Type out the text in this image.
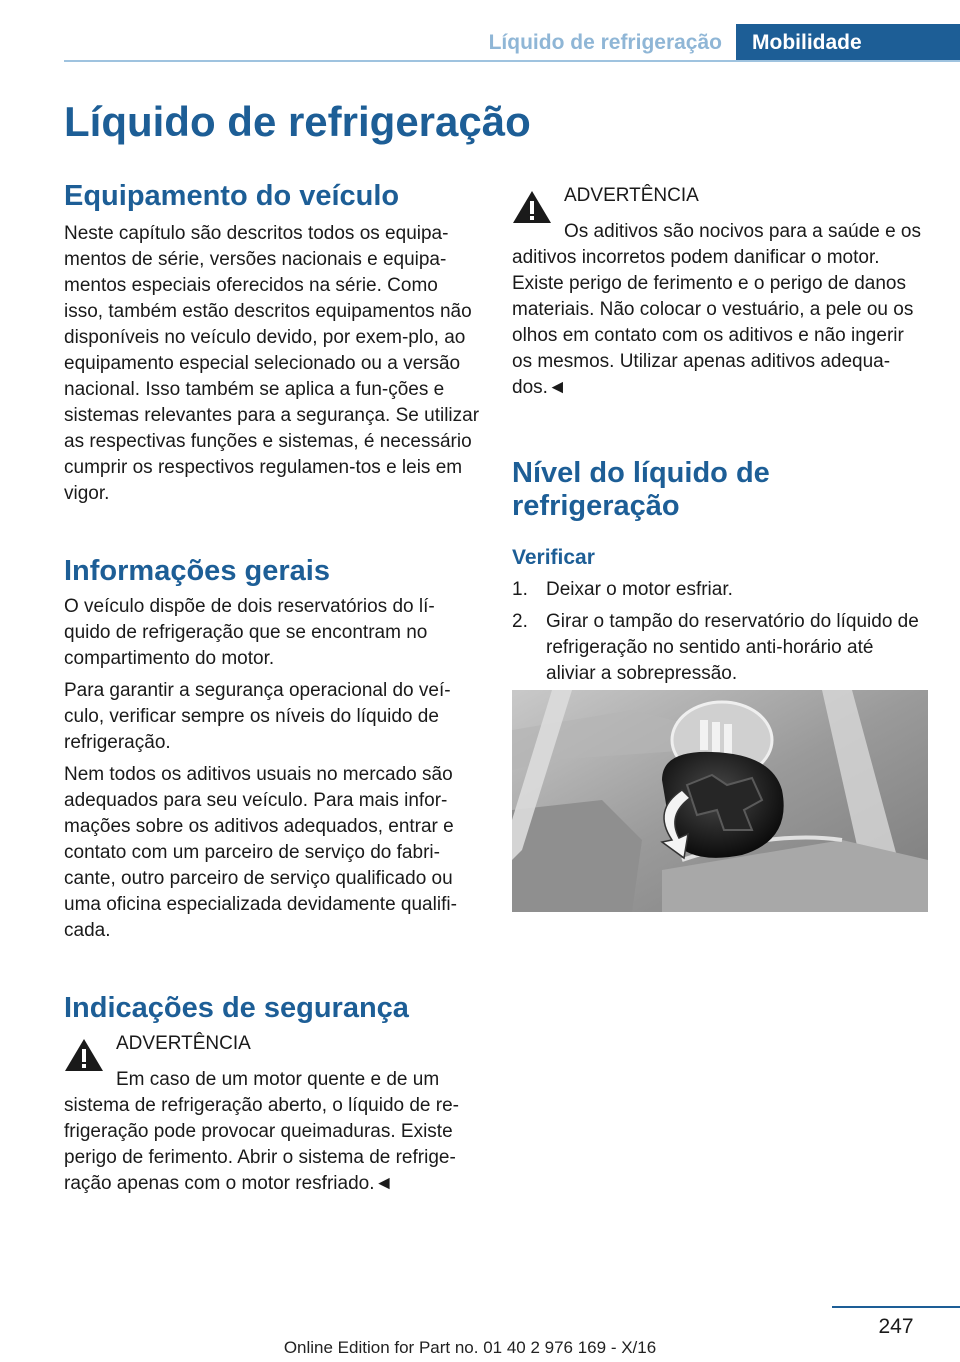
Líquido de refrigeração	Mobilidade
Líquido de refrigeração
Equipamento do veículo

Neste capítulo são descritos todos os equipa-mentos de série, versões nacionais e equipa-mentos especiais oferecidos na série. Como isso, também estão descritos equipamentos não disponíveis no veículo devido, por exem-plo, ao equipamento especial selecionado ou a versão nacional. Isso também se aplica a fun-ções e sistemas relevantes para a segurança. Se utilizar as respectivas funções e sistemas, é necessário cumprir os respectivos regulamen-tos e leis em vigor.

Informações gerais

O veículo dispõe de dois reservatórios do lí-quido de refrigeração que se encontram no compartimento do motor.

Para garantir a segurança operacional do veí-culo, verificar sempre os níveis do líquido de refrigeração.

Nem todos os aditivos usuais no mercado são adequados para seu veículo. Para mais infor-mações sobre os aditivos adequados, entrar e contato com um parceiro de serviço do fabri-cante, outro parceiro de serviço qualificado ou uma oficina especializada devidamente qualifi-cada.

Indicações de segurança
ADVERTÊNCIA

Em caso de um motor quente e de um sistema de refrigeração aberto, o líquido de re-frigeração pode provocar queimaduras. Existe perigo de ferimento. Abrir o sistema de refrige-ração apenas com o motor resfriado.◄

ADVERTÊNCIA

Os aditivos são nocivos para a saúde e os aditivos incorretos podem danificar o motor. Existe perigo de ferimento e o perigo de danos materiais. Não colocar o vestuário, a pele ou os olhos em contato com os aditivos e não ingerir os mesmos. Utilizar apenas aditivos adequa-dos.◄

Nível do líquido de refrigeração
Verificar
1. Deixar o motor esfriar.
2. Girar o tampão do reservatório do líquido de refrigeração no sentido anti-horário até aliviar a sobrepressão.
247
Online Edition for Part no. 01 40 2 976 169 - X/16
